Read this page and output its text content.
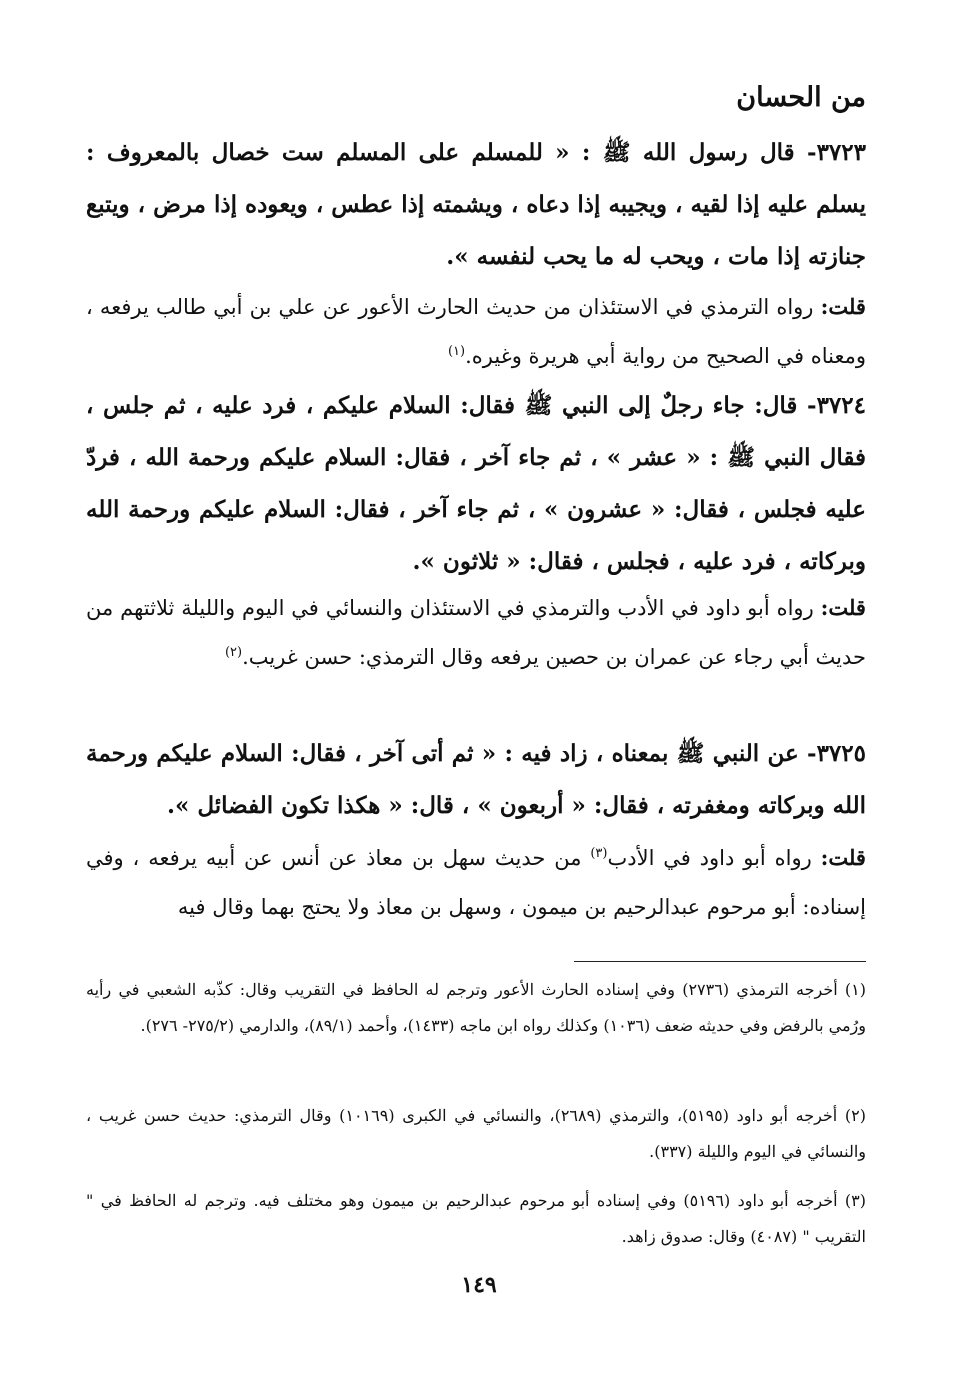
من الحسان

٣٧٢٣- قال رسول الله ﷺ : « للمسلم على المسلم ست خصال بالمعروف : يسلم عليه إذا لقيه ، ويجيبه إذا دعاه ، ويشمته إذا عطس ، ويعوده إذا مرض ، ويتبع جنازته إذا مات ، ويحب له ما يحب لنفسه ».

قلت: رواه الترمذي في الاستئذان من حديث الحارث الأعور عن علي بن أبي طالب يرفعه ، ومعناه في الصحيح من رواية أبي هريرة وغيره.$^{(١)}$

٣٧٢٤- قال: جاء رجلٌ إلى النبي ﷺ فقال: السلام عليكم ، فرد عليه ، ثم جلس ، فقال النبي ﷺ : « عشر » ، ثم جاء آخر ، فقال: السلام عليكم ورحمة الله ، فردّ عليه فجلس ، فقال: « عشرون » ، ثم جاء آخر ، فقال: السلام عليكم ورحمة الله وبركاته ، فرد عليه ، فجلس ، فقال: « ثلاثون ».

قلت: رواه أبو داود في الأدب والترمذي في الاستئذان والنسائي في اليوم والليلة ثلاثتهم من حديث أبي رجاء عن عمران بن حصين يرفعه وقال الترمذي: حسن غريب.$^{(٢)}$

٣٧٢٥- عن النبي ﷺ بمعناه ، زاد فيه : « ثم أتى آخر ، فقال: السلام عليكم ورحمة الله وبركاته ومغفرته ، فقال: « أربعون » ، قال: « هكذا تكون الفضائل ».

قلت: رواه أبو داود في الأدب$^{(٣)}$ من حديث سهل بن معاذ عن أنس عن أبيه يرفعه ، وفي إسناده: أبو مرحوم عبدالرحيم بن ميمون ، وسهل بن معاذ ولا يحتج بهما وقال فيه

(١) أخرجه الترمذي (٢٧٣٦) وفي إسناده الحارث الأعور وترجم له الحافظ في التقريب وقال: كذّبه الشعبي في رأيه ورُمي بالرفض وفي حديثه ضعف (١٠٣٦) وكذلك رواه ابن ماجه (١٤٣٣)، وأحمد (٨٩/١)، والدارمي (٢٧٥/٢- ٢٧٦).

(٢) أخرجه أبو داود (٥١٩٥)، والترمذي (٢٦٨٩)، والنسائي في الكبرى (١٠١٦٩) وقال الترمذي: حديث حسن غريب ، والنسائي في اليوم والليلة (٣٣٧).

(٣) أخرجه أبو داود (٥١٩٦) وفي إسناده أبو مرحوم عبدالرحيم بن ميمون وهو مختلف فيه. وترجم له الحافظ في " التقريب " (٤٠٨٧) وقال: صدوق زاهد.

١٤٩
